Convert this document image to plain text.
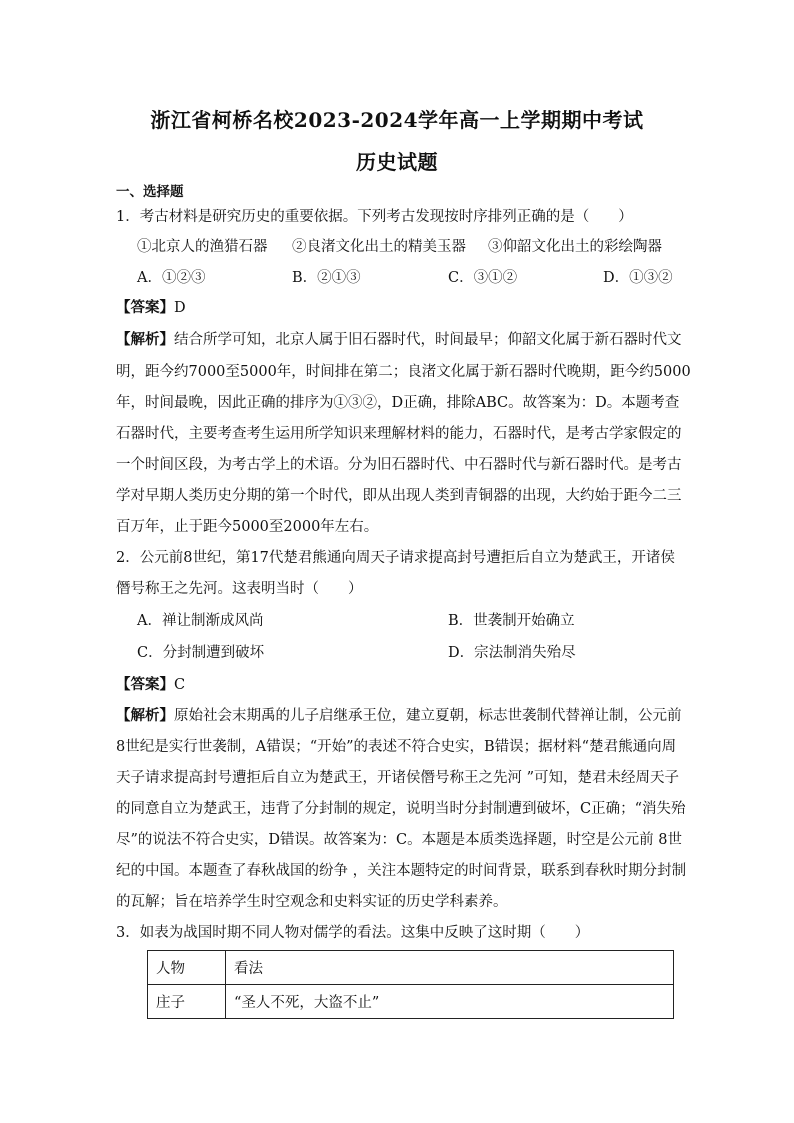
浙江省柯桥名校2023-2024学年高一上学期期中考试
历史试题
一、选择题
1．考古材料是研究历史的重要依据。下列考古发现按时序排列正确的是（　　）
①北京人的渔猎石器 ②良渚文化出土的精美玉器 ③仰韶文化出土的彩绘陶器
A．①②③	B．②①③	C．③①②	D．①③②
【答案】D
【解析】结合所学可知，北京人属于旧石器时代，时间最早；仰韶文化属于新石器时代文
明，距今约7000至5000年，时间排在第二；良渚文化属于新石器时代晚期，距今约5000
年，时间最晚，因此正确的排序为①③②，D正确，排除ABC。故答案为：D。本题考查
石器时代，主要考查考生运用所学知识来理解材料的能力，石器时代，是考古学家假定的
一个时间区段，为考古学上的术语。分为旧石器时代、中石器时代与新石器时代。是考古
学对早期人类历史分期的第一个时代，即从出现人类到青铜器的出现，大约始于距今二三
百万年，止于距今5000至2000年左右。
2．公元前8世纪，第17代楚君熊通向周天子请求提高封号遭拒后自立为楚武王，开诸侯
僭号称王之先河。这表明当时（　　）
A．禅让制渐成风尚	B．世袭制开始确立
C．分封制遭到破坏	D．宗法制消失殆尽
【答案】C
【解析】原始社会末期禹的儿子启继承王位，建立夏朝，标志世袭制代替禅让制，公元前
8世纪是实行世袭制，A错误；“开始”的表述不符合史实，B错误；据材料“楚君熊通向周
天子请求提高封号遭拒后自立为楚武王，开诸侯僭号称王之先河 ”可知，楚君未经周天子
的同意自立为楚武王，违背了分封制的规定，说明当时分封制遭到破坏，C正确；“消失殆
尽”的说法不符合史实，D错误。故答案为：C。本题是本质类选择题，时空是公元前 8世
纪的中国。本题查了春秋战国的纷争 ，关注本题特定的时间背景，联系到春秋时期分封制
的瓦解；旨在培养学生时空观念和史料实证的历史学科素养。
3．如表为战国时期不同人物对儒学的看法。这集中反映了这时期（　　）
人物	看法
庄子	“圣人不死，大盗不止”
